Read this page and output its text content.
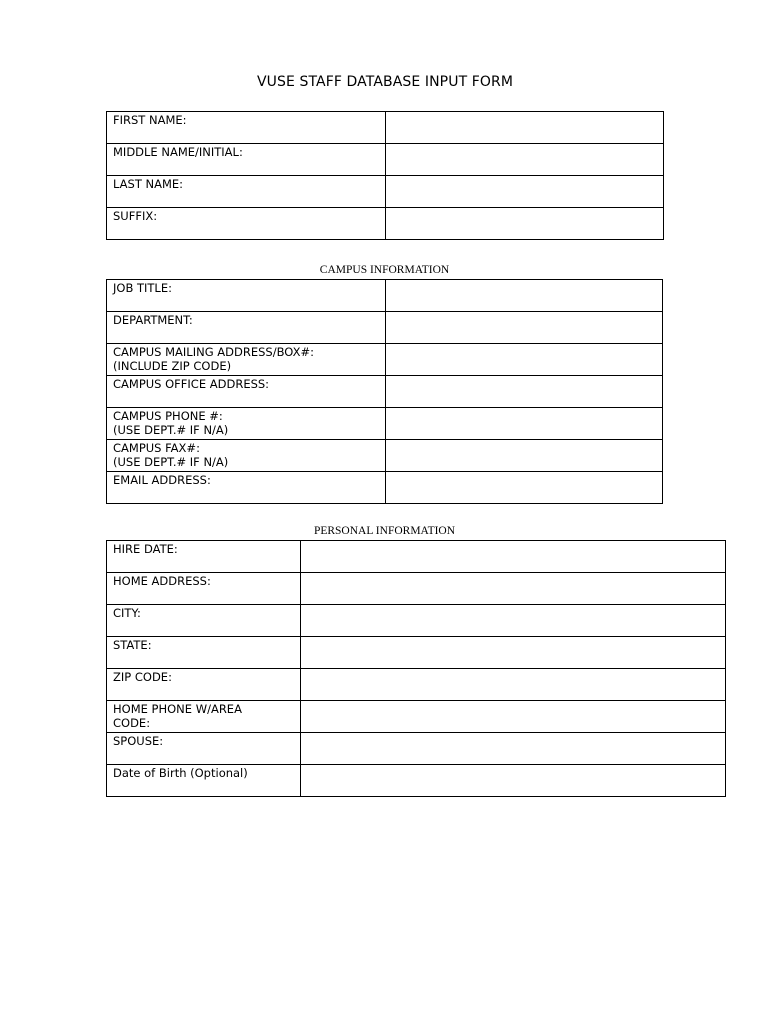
VUSE STAFF DATABASE INPUT FORM
FIRST NAME:	
MIDDLE NAME/INITIAL:	
LAST NAME:	
SUFFIX:	
CAMPUS INFORMATION
JOB TITLE:	
DEPARTMENT:	
CAMPUS MAILING ADDRESS/BOX#:
(INCLUDE ZIP CODE)	
CAMPUS OFFICE ADDRESS:	
CAMPUS PHONE #:
(USE DEPT.# IF N/A)	
CAMPUS FAX#:
(USE DEPT.# IF N/A)	
EMAIL ADDRESS:	
PERSONAL INFORMATION
HIRE DATE:	
HOME ADDRESS:	
CITY:	
STATE:	
ZIP CODE:	
HOME PHONE W/AREA
CODE:	
SPOUSE:	
Date of Birth (Optional)	
